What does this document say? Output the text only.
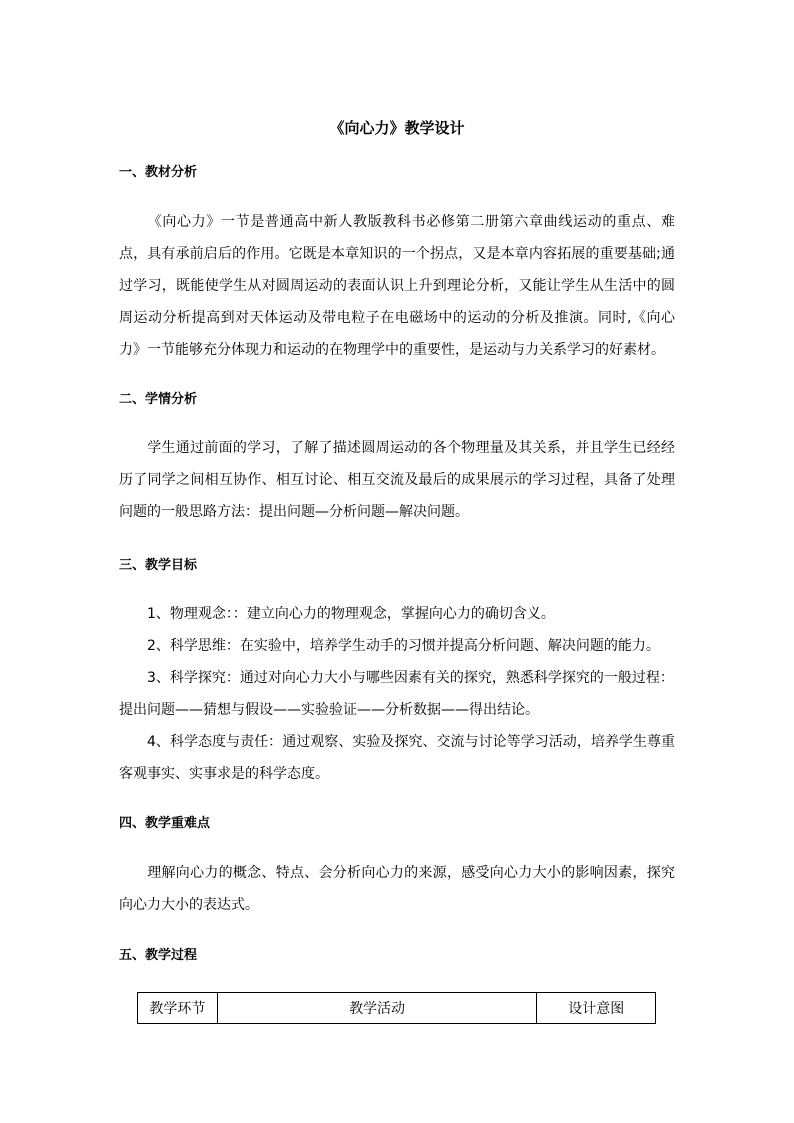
《向心力》教学设计
一、教材分析
《向心力》一节是普通高中新人教版教科书必修第二册第六章曲线运动的重点、难点，具有承前启后的作用。它既是本章知识的一个拐点，又是本章内容拓展的重要基础;通过学习，既能使学生从对圆周运动的表面认识上升到理论分析，又能让学生从生活中的圆周运动分析提高到对天体运动及带电粒子在电磁场中的运动的分析及推演。同时,《向心力》一节能够充分体现力和运动的在物理学中的重要性，是运动与力关系学习的好素材。
二、学情分析
学生通过前面的学习，了解了描述圆周运动的各个物理量及其关系，并且学生已经经历了同学之间相互协作、相互讨论、相互交流及最后的成果展示的学习过程，具备了处理问题的一般思路方法：提出问题—分析问题—解决问题。
三、教学目标
1、物理观念：：建立向心力的物理观念，掌握向心力的确切含义。
2、科学思维：在实验中，培养学生动手的习惯并提高分析问题、解决问题的能力。
3、科学探究：通过对向心力大小与哪些因素有关的探究，熟悉科学探究的一般过程：
提出问题——猜想与假设——实验验证——分析数据——得出结论。
4、科学态度与责任：通过观察、实验及探究、交流与讨论等学习活动，培养学生尊重客观事实、实事求是的科学态度。
四、教学重难点
理解向心力的概念、特点、会分析向心力的来源，感受向心力大小的影响因素，探究向心力大小的表达式。
五、教学过程
教学环节	教学活动	设计意图
